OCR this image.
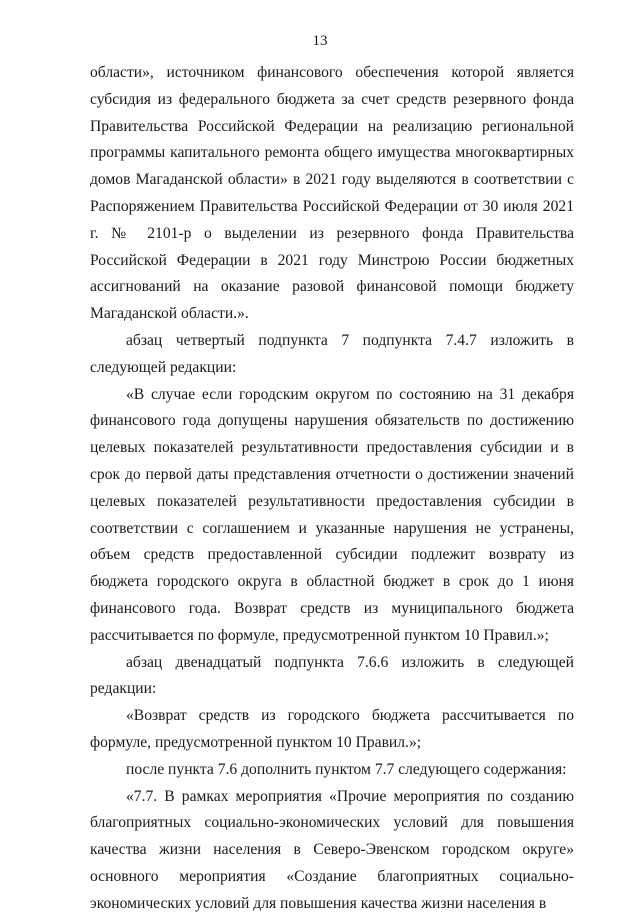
13

области», источником финансового обеспечения которой является субсидия из федерального бюджета за счет средств резервного фонда Правительства Российской Федерации на реализацию региональной программы капитального ремонта общего имущества многоквартирных домов Магаданской области» в 2021 году выделяются в соответствии с Распоряжением Правительства Российской Федерации от 30 июля 2021 г. № 2101-р о выделении из резервного фонда Правительства Российской Федерации в 2021 году Минстрою России бюджетных ассигнований на оказание разовой финансовой помощи бюджету Магаданской области.».

абзац четвертый подпункта 7 подпункта 7.4.7 изложить в следующей редакции:

«В случае если городским округом по состоянию на 31 декабря финансового года допущены нарушения обязательств по достижению целевых показателей результативности предоставления субсидии и в срок до первой даты представления отчетности о достижении значений целевых показателей результативности предоставления субсидии в соответствии с соглашением и указанные нарушения не устранены, объем средств предоставленной субсидии подлежит возврату из бюджета городского округа в областной бюджет в срок до 1 июня финансового года. Возврат средств из муниципального бюджета рассчитывается по формуле, предусмотренной пунктом 10 Правил.»;

абзац двенадцатый подпункта 7.6.6 изложить в следующей редакции:

«Возврат средств из городского бюджета рассчитывается по формуле, предусмотренной пунктом 10 Правил.»;

после пункта 7.6 дополнить пунктом 7.7 следующего содержания:

«7.7. В рамках мероприятия «Прочие мероприятия по созданию благоприятных социально-экономических условий для повышения качества жизни населения в Северо-Эвенском городском округе» основного мероприятия «Создание благоприятных социально-экономических условий для повышения качества жизни населения в
